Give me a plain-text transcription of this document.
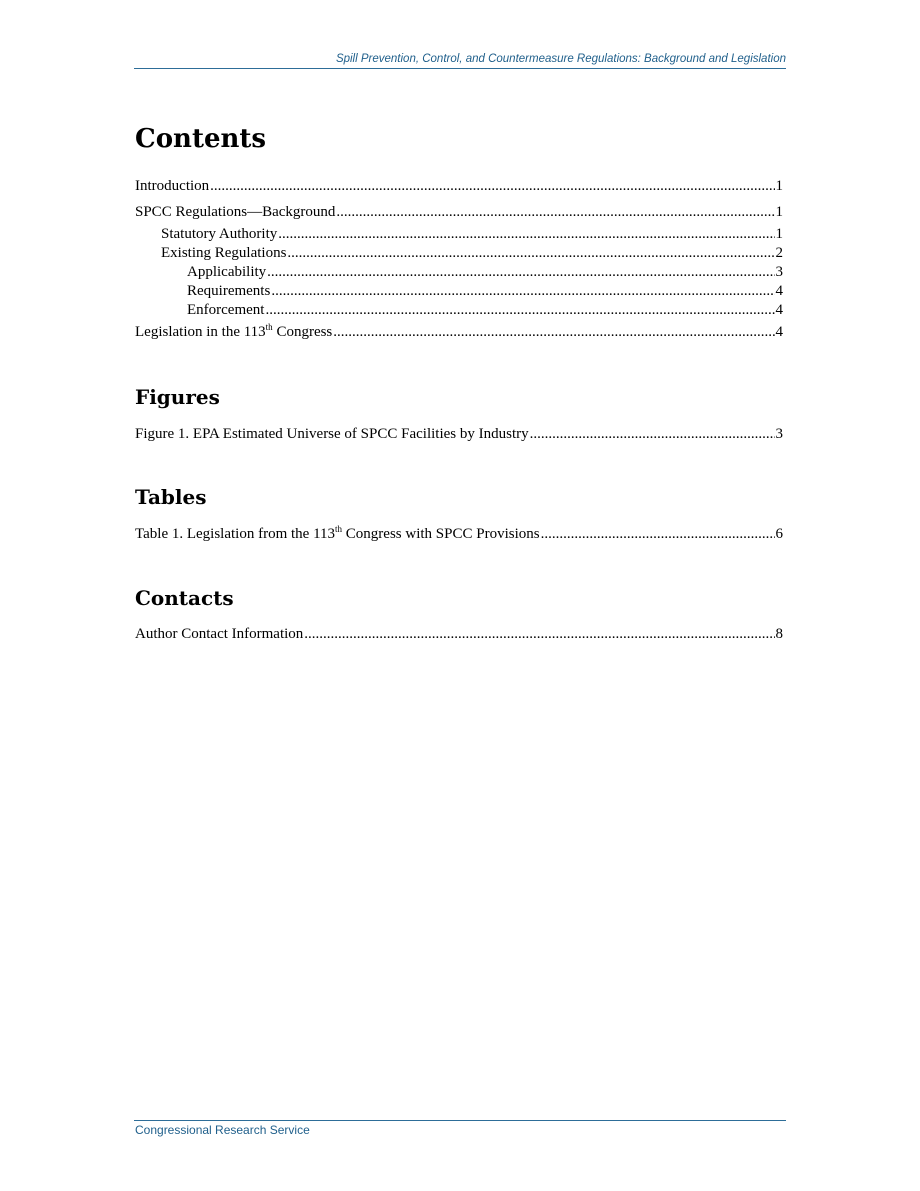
Spill Prevention, Control, and Countermeasure Regulations: Background and Legislation
Contents
Introduction .....	1
SPCC Regulations—Background .....	1
Statutory Authority .....	1
Existing Regulations .....	2
Applicability .....	3
Requirements .....	4
Enforcement .....	4
Legislation in the 113th Congress .....	4
Figures
Figure 1. EPA Estimated Universe of SPCC Facilities by Industry .....	3
Tables
Table 1. Legislation from the 113th Congress with SPCC Provisions .....	6
Contacts
Author Contact Information .....	8
Congressional Research Service
